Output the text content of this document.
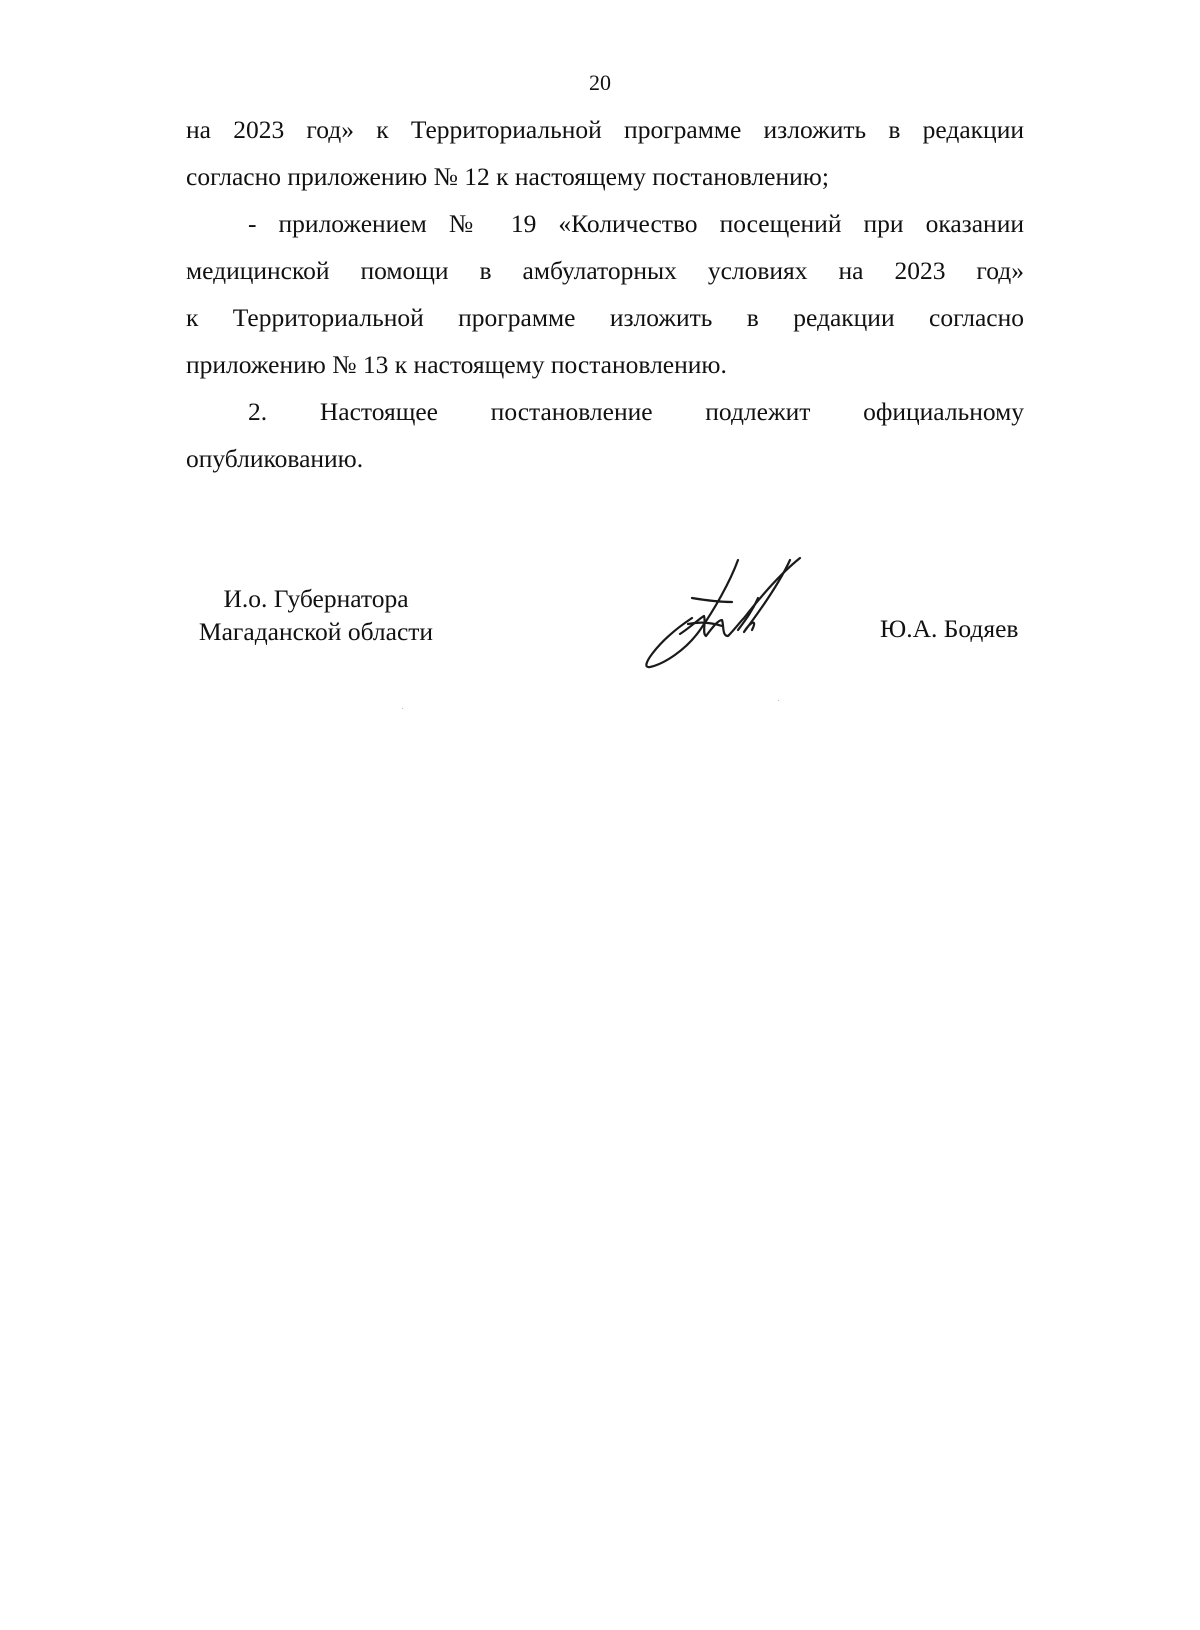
20
на 2023 год» к Территориальной программе изложить в редакции
согласно приложению № 12 к настоящему постановлению;
- приложением № 19 «Количество посещений при оказании
медицинской помощи в амбулаторных условиях на 2023 год»
к Территориальной программе изложить в редакции согласно
приложению № 13 к настоящему постановлению.
2. Настоящее постановление подлежит официальному
опубликованию.
И.о. Губернатора
Магаданской области	Ю.А. Бодяев
